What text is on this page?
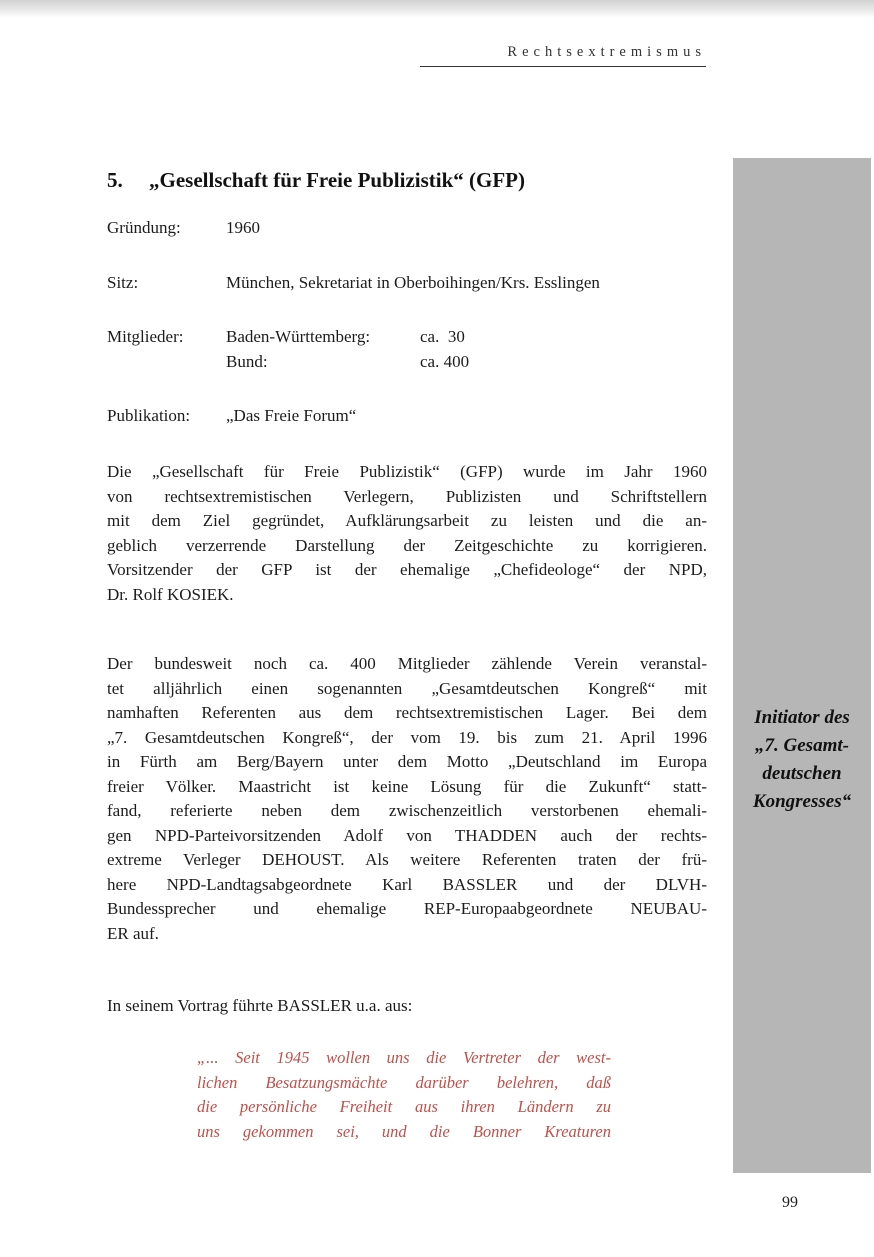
Rechtsextremismus
Initiator des
„7. Gesamt-
deutschen
Kongresses“
5. „Gesellschaft für Freie Publizistik“ (GFP)
Gründung:	1960
Sitz:	München, Sekretariat in Oberboihingen/Krs. Esslingen
Mitglieder:	Baden-Württemberg:	ca.  30
Bund:	ca. 400
Publikation: „Das Freie Forum“

Die „Gesellschaft für Freie Publizistik“ (GFP) wurde im Jahr 1960
von rechtsextremistischen Verlegern, Publizisten und Schriftstellern
mit dem Ziel gegründet, Aufklärungsarbeit zu leisten und die an-
geblich verzerrende Darstellung der Zeitgeschichte zu korrigieren.
Vorsitzender der GFP ist der ehemalige „Chefideologe“ der NPD,
Dr. Rolf KOSIEK.

Der bundesweit noch ca. 400 Mitglieder zählende Verein veranstal-
tet alljährlich einen sogenannten „Gesamtdeutschen Kongreß“ mit
namhaften Referenten aus dem rechtsextremistischen Lager. Bei dem
„7. Gesamtdeutschen Kongreß“, der vom 19. bis zum 21. April 1996
in Fürth am Berg/Bayern unter dem Motto „Deutschland im Europa
freier Völker. Maastricht ist keine Lösung für die Zukunft“ statt-
fand, referierte neben dem zwischenzeitlich verstorbenen ehemali-
gen NPD-Parteivorsitzenden Adolf von THADDEN auch der rechts-
extreme Verleger DEHOUST. Als weitere Referenten traten der frü-
here NPD-Landtagsabgeordnete Karl BASSLER und der DLVH-
Bundessprecher und ehemalige REP-Europaabgeordnete NEUBAU-
ER auf.

In seinem Vortrag führte BASSLER u.a. aus:

„... Seit 1945 wollen uns die Vertreter der west-
lichen Besatzungsmächte darüber belehren, daß
die persönliche Freiheit aus ihren Ländern zu
uns gekommen sei, und die Bonner Kreaturen

99
